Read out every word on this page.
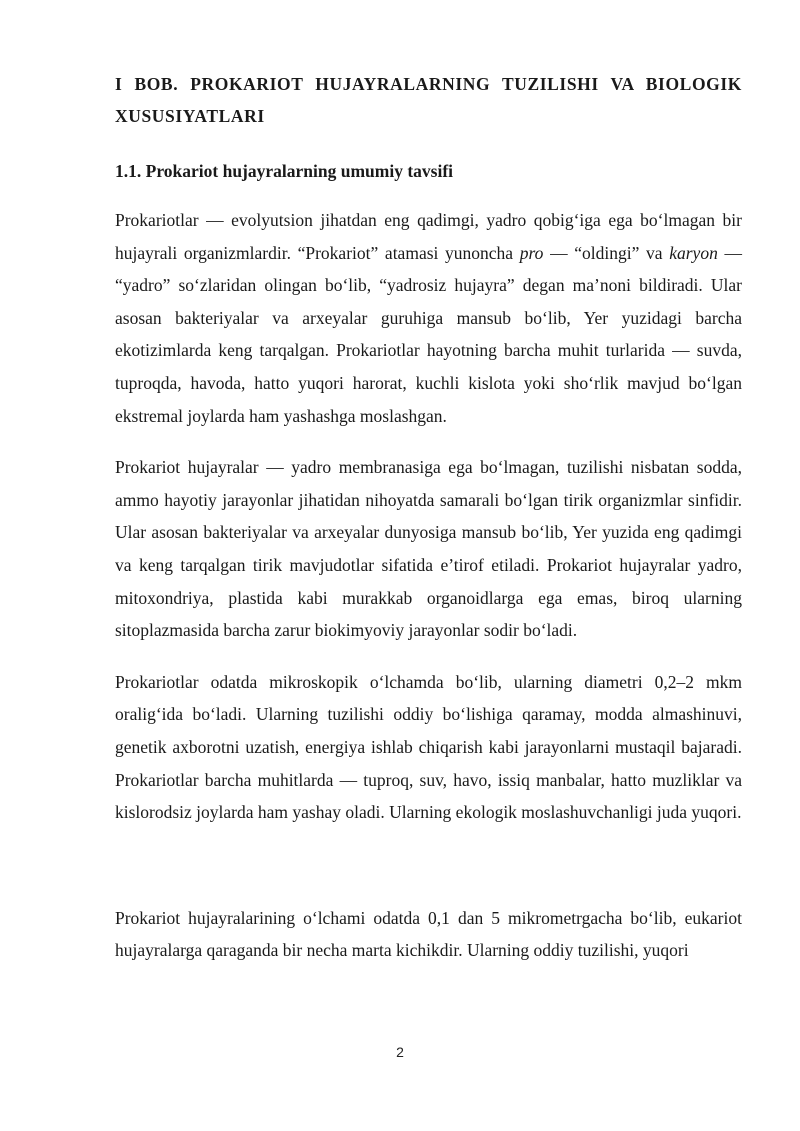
I BOB. PROKARIOT HUJAYRALARNING TUZILISHI VA BIOLOGIK XUSUSIYATLARI
1.1. Prokariot hujayralarning umumiy tavsifi

Prokariotlar — evolyutsion jihatdan eng qadimgi, yadro qobig‘iga ega bo‘lmagan bir hujayrali organizmlardir. “Prokariot” atamasi yunoncha pro — “oldingi” va karyon — “yadro” so‘zlaridan olingan bo‘lib, “yadrosiz hujayra” degan ma’noni bildiradi. Ular asosan bakteriyalar va arxeyalar guruhiga mansub bo‘lib, Yer yuzidagi barcha ekotizimlarda keng tarqalgan. Prokariotlar hayotning barcha muhit turlarida — suvda, tuproqda, havoda, hatto yuqori harorat, kuchli kislota yoki sho‘rlik mavjud bo‘lgan ekstremal joylarda ham yashashga moslashgan.

Prokariot hujayralar — yadro membranasiga ega bo‘lmagan, tuzilishi nisbatan sodda, ammo hayotiy jarayonlar jihatidan nihoyatda samarali bo‘lgan tirik organizmlar sinfidir. Ular asosan bakteriyalar va arxeyalar dunyosiga mansub bo‘lib, Yer yuzida eng qadimgi va keng tarqalgan tirik mavjudotlar sifatida e’tirof etiladi. Prokariot hujayralar yadro, mitoxondriya, plastida kabi murakkab organoidlarga ega emas, biroq ularning sitoplazmasida barcha zarur biokimyoviy jarayonlar sodir bo‘ladi.

Prokariotlar odatda mikroskopik o‘lchamda bo‘lib, ularning diametri 0,2–2 mkm oralig‘ida bo‘ladi. Ularning tuzilishi oddiy bo‘lishiga qaramay, modda almashinuvi, genetik axborotni uzatish, energiya ishlab chiqarish kabi jarayonlarni mustaqil bajaradi. Prokariotlar barcha muhitlarda — tuproq, suv, havo, issiq manbalar, hatto muzliklar va kislorodsiz joylarda ham yashay oladi. Ularning ekologik moslashuvchanligi juda yuqori.

Prokariot hujayralarining o‘lchami odatda 0,1 dan 5 mikrometrgacha bo‘lib, eukariot hujayralarga qaraganda bir necha marta kichikdir. Ularning oddiy tuzilishi, yuqori

2
